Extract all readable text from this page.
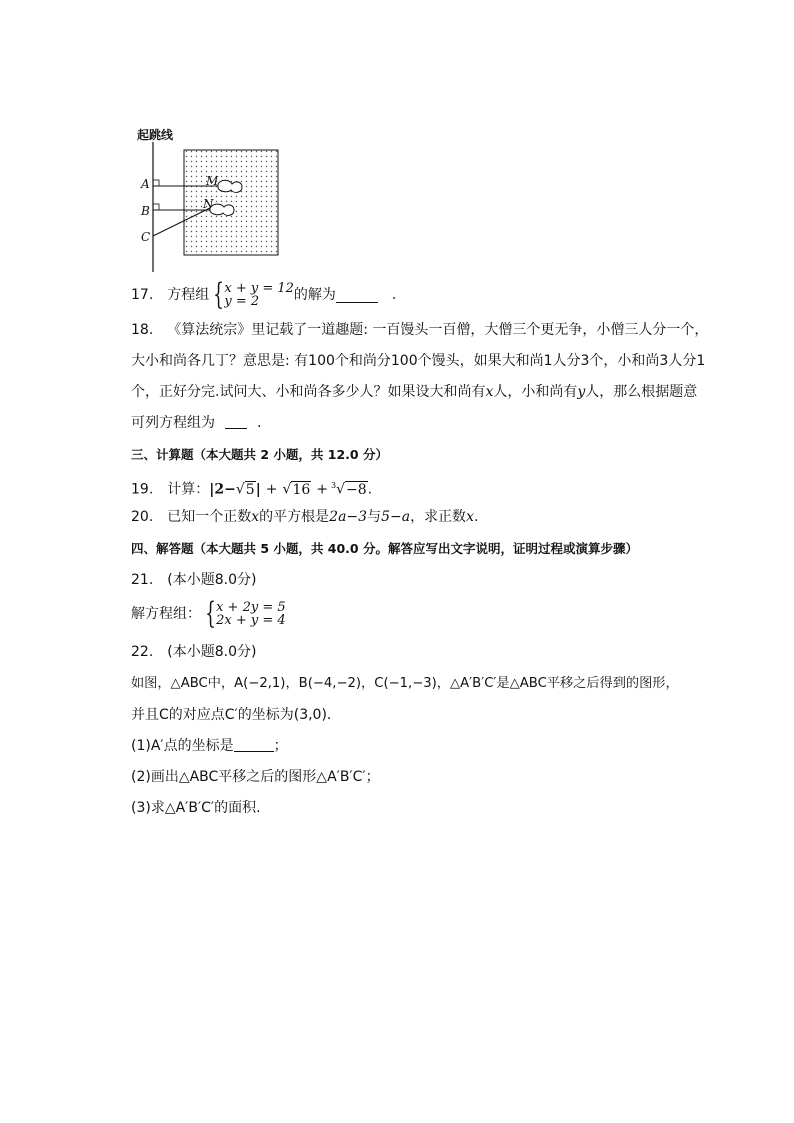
起跳线
A
B
C
M
N
17. 方程组 { x + y = 12
y = 2	的解为	.
18. 《算法统宗》里记载了一道趣题: 一百馒头一百僧，大僧三个更无争，小僧三人分一个，
大小和尚各几丁？意思是: 有100个和尚分100个馒头，如果大和尚1人分3个，小和尚3人分1
个，正好分完.试问大、小和尚各多少人？如果设大和尚有x人，小和尚有y人，那么根据题意
可列方程组为	.
三、计算题（本大题共 2 小题，共 12.0 分）
19. 计算：|2−√5| + √16 + $^3$√−8.
20. 已知一个正数x的平方根是2a−3与5−a，求正数x.
四、解答题（本大题共 5 小题，共 40.0 分。解答应写出文字说明，证明过程或演算步骤）
21. (本小题8.0分)
解方程组： { x + 2y = 5
2x + y = 4
22. (本小题8.0分)
如图，△ABC中，A(−2,1)，B(−4,−2)，C(−1,−3)，△A′B′C′是△ABC平移之后得到的图形，
并且C的对应点C′的坐标为(3,0).
(1)A′点的坐标是	；
(2)画出△ABC平移之后的图形△A′B′C′；
(3)求△A′B′C′的面积.
